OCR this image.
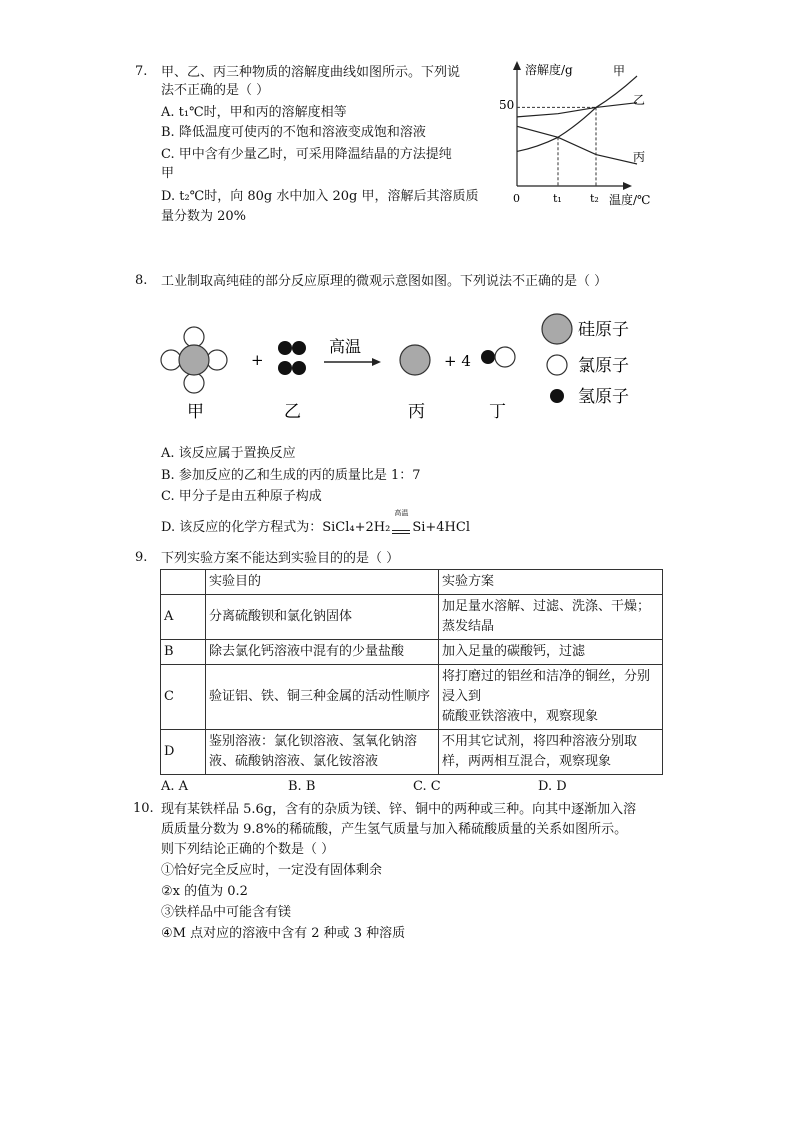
7. 甲、乙、丙三种物质的溶解度曲线如图所示。下列说
法不正确的是（ ）
A. t₁℃时，甲和丙的溶解度相等
B. 降低温度可使丙的不饱和溶液变成饱和溶液
C. 甲中含有少量乙时，可采用降温结晶的方法提纯
甲
D. t₂℃时，向 80g 水中加入 20g 甲，溶解后其溶质质
量分数为 20%
溶解度/g	甲
乙
丙
50
0	t₁	t₂ 温度/℃
8. 工业制取高纯硅的部分反应原理的微观示意图如图。下列说法不正确的是（ ）
+
高温
+ 4
甲	乙	丙	丁
硅原子
氯原子
氢原子
A. 该反应属于置换反应
B. 参加反应的乙和生成的丙的质量比是 1：7
C. 甲分子是由五种原子构成
D. 该反应的化学方程式为：SiCl₄+2H₂
高温
Si+4HCl
9. 下列实验方案不能达到实验目的的是（ ）
	实验目的	实验方案
A	分离硫酸钡和氯化钠固体	加足量水溶解、过滤、洗涤、干燥；蒸发结晶
B	除去氯化钙溶液中混有的少量盐酸	加入足量的碳酸钙，过滤
C	验证铝、铁、铜三种金属的活动性顺序	将打磨过的铝丝和洁净的铜丝，分别浸入到
硫酸亚铁溶液中，观察现象

D	鉴别溶液：氯化钡溶液、氢氧化钠溶液、硫酸钠溶液、氯化铵溶液	不用其它试剂，将四种溶液分别取样，两两相互混合，观察现象
A. A	B. B	C. C	D. D
10. 现有某铁样品 5.6g，含有的杂质为镁、锌、铜中的两种或三种。向其中逐渐加入溶
质质量分数为 9.8%的稀硫酸，产生氢气质量与加入稀硫酸质量的关系如图所示。
则下列结论正确的个数是（ ）
①恰好完全反应时，一定没有固体剩余
②x 的值为 0.2
③铁样品中可能含有镁
④M 点对应的溶液中含有 2 种或 3 种溶质
